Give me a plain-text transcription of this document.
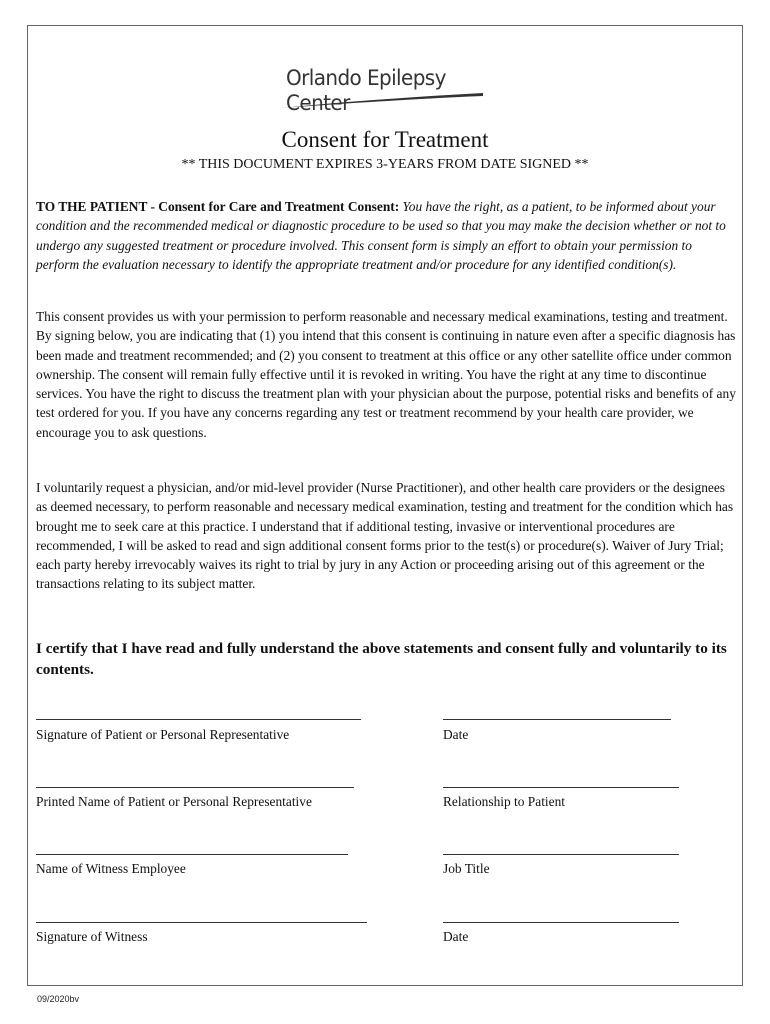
Orlando Epilepsy Center
Consent for Treatment
** THIS DOCUMENT EXPIRES 3-YEARS FROM DATE SIGNED **

TO THE PATIENT - Consent for Care and Treatment Consent: You have the right, as a patient, to be informed about your condition and the recommended medical or diagnostic procedure to be used so that you may make the decision whether or not to undergo any suggested treatment or procedure involved. This consent form is simply an effort to obtain your permission to perform the evaluation necessary to identify the appropriate treatment and/or procedure for any identified condition(s).

This consent provides us with your permission to perform reasonable and necessary medical examinations, testing and treatment. By signing below, you are indicating that (1) you intend that this consent is continuing in nature even after a specific diagnosis has been made and treatment recommended; and (2) you consent to treatment at this office or any other satellite office under common ownership. The consent will remain fully effective until it is revoked in writing. You have the right at any time to discontinue services. You have the right to discuss the treatment plan with your physician about the purpose, potential risks and benefits of any test ordered for you. If you have any concerns regarding any test or treatment recommend by your health care provider, we encourage you to ask questions.

I voluntarily request a physician, and/or mid-level provider (Nurse Practitioner), and other health care providers or the designees as deemed necessary, to perform reasonable and necessary medical examination, testing and treatment for the condition which has brought me to seek care at this practice. I understand that if additional testing, invasive or interventional procedures are recommended, I will be asked to read and sign additional consent forms prior to the test(s) or procedure(s). Waiver of Jury Trial; each party hereby irrevocably waives its right to trial by jury in any Action or proceeding arising out of this agreement or the transactions relating to its subject matter.

I certify that I have read and fully understand the above statements and consent fully and voluntarily to its contents.

Signature of Patient or Personal Representative	Date
Printed Name of Patient or Personal Representative	Relationship to Patient
Name of Witness Employee	Job Title
Signature of Witness	Date
09/2020bv
